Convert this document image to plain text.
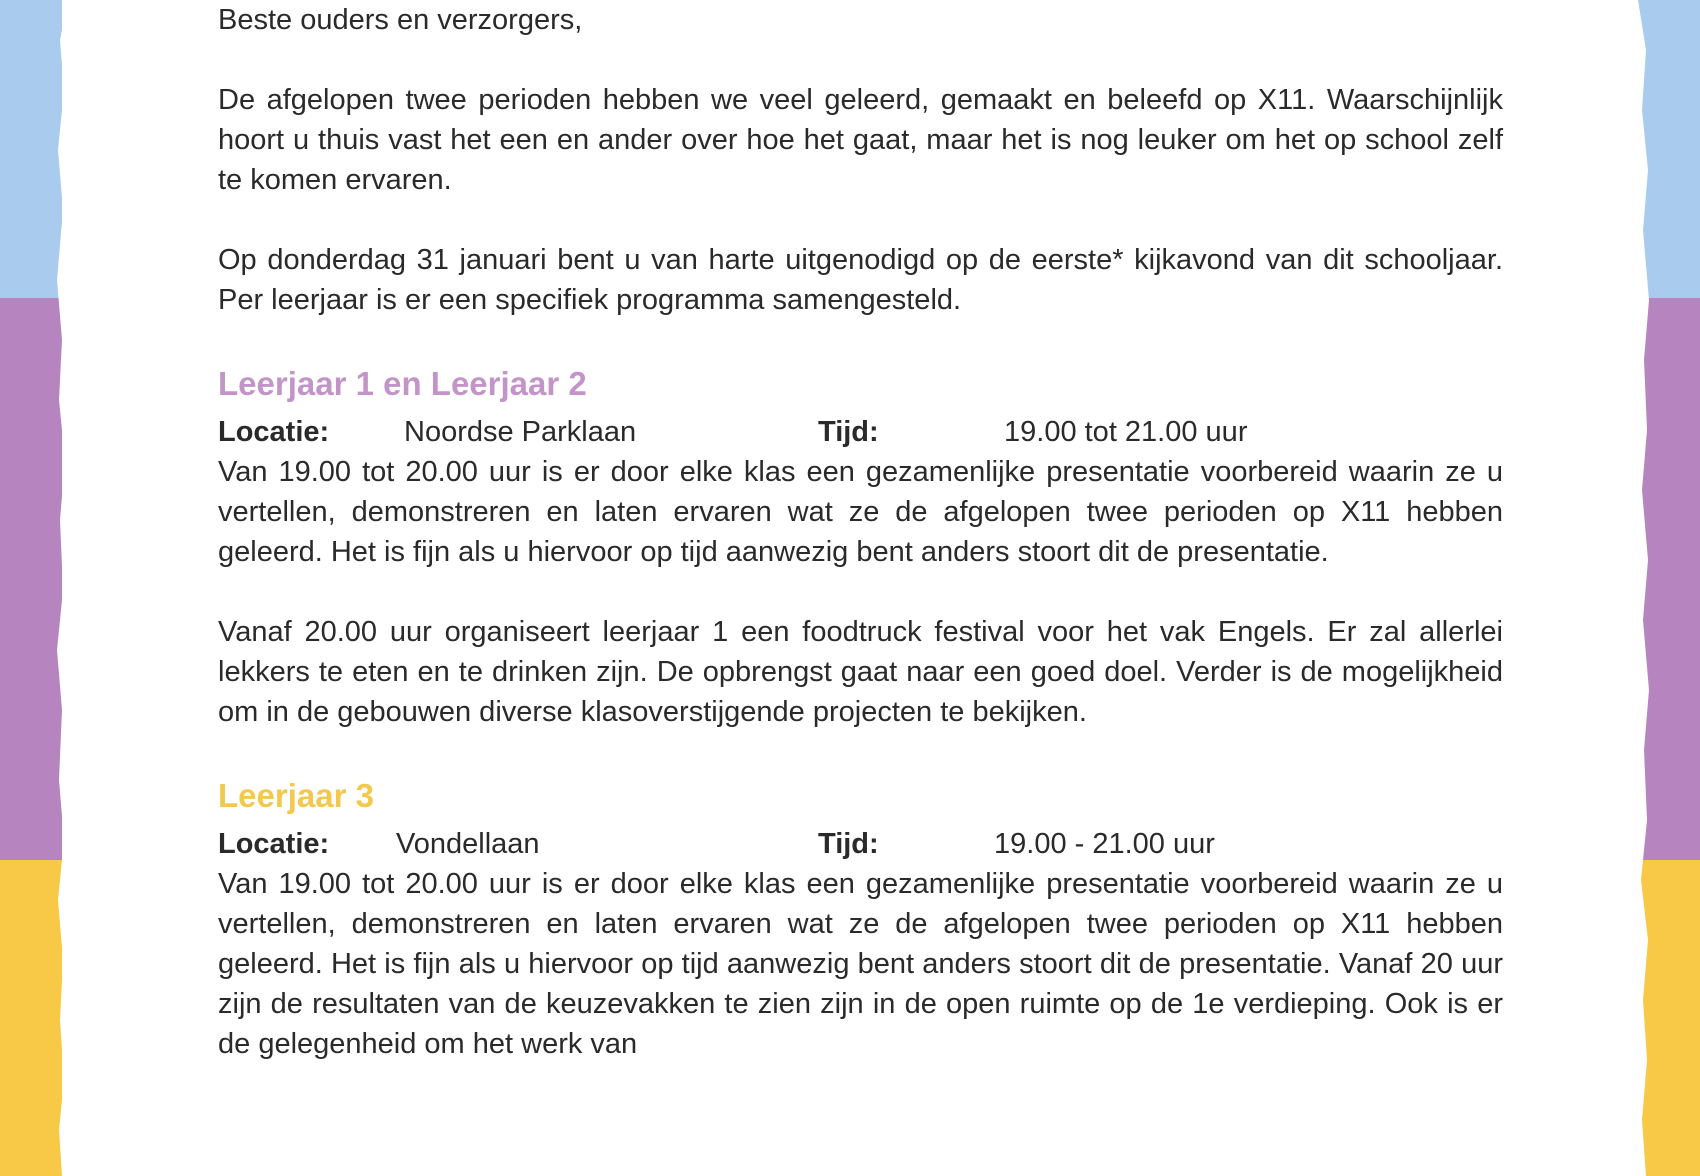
Beste ouders en verzorgers,

De afgelopen twee perioden hebben we veel geleerd, gemaakt en beleefd op X11. Waarschijnlijk hoort u thuis vast het een en ander over hoe het gaat, maar het is nog leuker om het op school zelf te komen ervaren.

Op donderdag 31 januari bent u van harte uitgenodigd op de eerste* kijkavond van dit schooljaar. Per leerjaar is er een specifiek programma samengesteld.

Leerjaar 1 en Leerjaar 2
Locatie:	Noordse Parklaan	Tijd:	19.00 tot 21.00 uur

Van 19.00 tot 20.00 uur is er door elke klas een gezamenlijke presentatie voorbereid waarin ze u vertellen, demonstreren en laten ervaren wat ze de afgelopen twee perioden op X11 hebben geleerd. Het is fijn als u hiervoor op tijd aanwezig bent anders stoort dit de presentatie.

Vanaf 20.00 uur organiseert leerjaar 1 een foodtruck festival voor het vak Engels. Er zal allerlei lekkers te eten en te drinken zijn. De opbrengst gaat naar een goed doel. Verder is de mogelijkheid om in de gebouwen diverse klasoverstijgende projecten te bekijken.

Leerjaar 3
Locatie:	Vondellaan	Tijd:	19.00 - 21.00 uur

Van 19.00 tot 20.00 uur is er door elke klas een gezamenlijke presentatie voorbereid waarin ze u vertellen, demonstreren en laten ervaren wat ze de afgelopen twee perioden op X11 hebben geleerd. Het is fijn als u hiervoor op tijd aanwezig bent anders stoort dit de presentatie. Vanaf 20 uur zijn de resultaten van de keuzevakken te zien zijn in de open ruimte op de 1e verdieping. Ook is er de gelegenheid om het werk van
